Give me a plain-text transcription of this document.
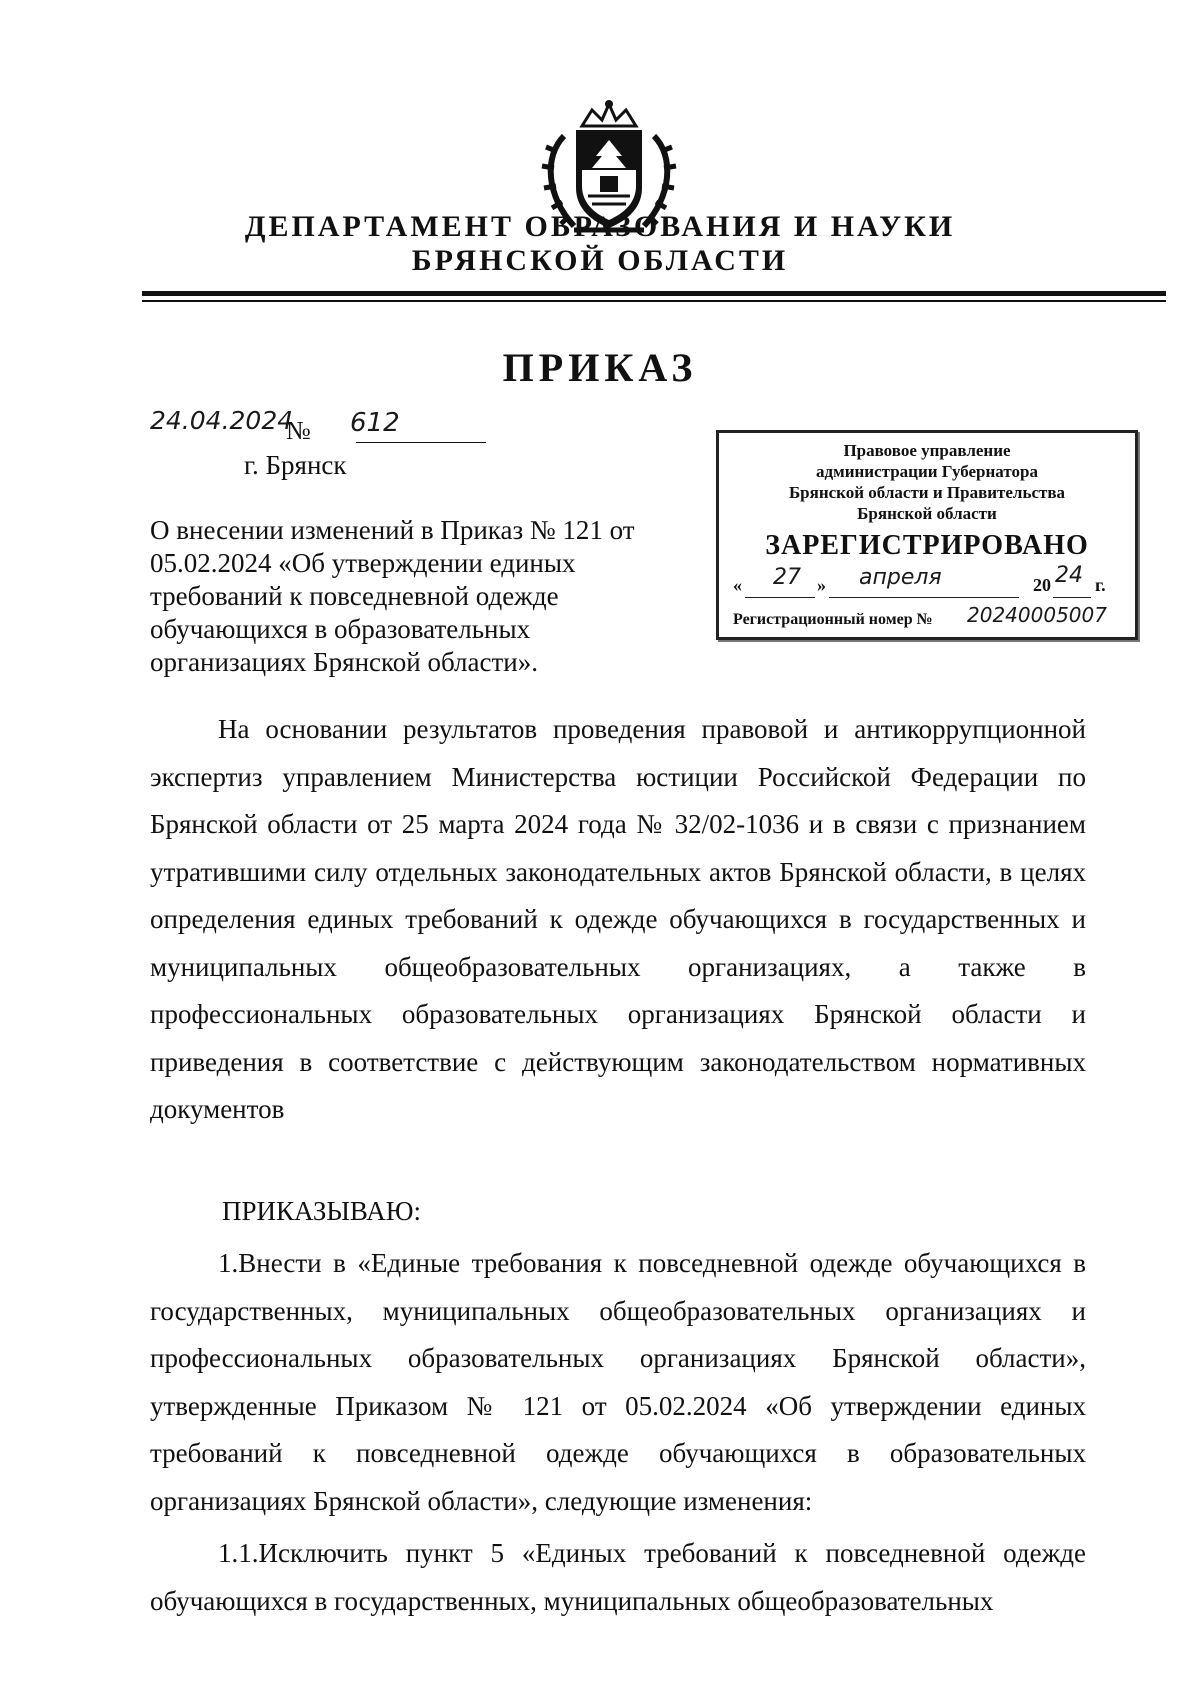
ДЕПАРТАМЕНТ ОБРАЗОВАНИЯ И НАУКИ
БРЯНСКОЙ ОБЛАСТИ
ПРИКАЗ
24.04.2024
№ 612
г. Брянск	Правовое управление
администрации Губернатора
Брянской области и Правительства
Брянской области
ЗАРЕГИСТРИРОВАНО
« 27 » апреля	20 24 г.
Регистрационный номер № 20240005007
О внесении изменений в Приказ № 121 от 05.02.2024 «Об утверждении единых требований к повседневной одежде обучающихся в образовательных организациях Брянской области».

На основании результатов проведения правовой и антикоррупционной экспертиз управлением Министерства юстиции Российской Федерации по Брянской области от 25 марта 2024 года № 32/02-1036 и в связи с признанием утратившими силу отдельных законодательных актов Брянской области, в целях определения единых требований к одежде обучающихся в государственных и муниципальных общеобразовательных организациях, а также в профессиональных образовательных организациях Брянской области и приведения в соответствие с действующим законодательством нормативных документов

ПРИКАЗЫВАЮ:

1.Внести в «Единые требования к повседневной одежде обучающихся в государственных, муниципальных общеобразовательных организациях и профессиональных образовательных организациях Брянской области», утвержденные Приказом № 121 от 05.02.2024 «Об утверждении единых требований к повседневной одежде обучающихся в образовательных организациях Брянской области», следующие изменения:

1.1.Исключить пункт 5 «Единых требований к повседневной одежде обучающихся в государственных, муниципальных общеобразовательных
